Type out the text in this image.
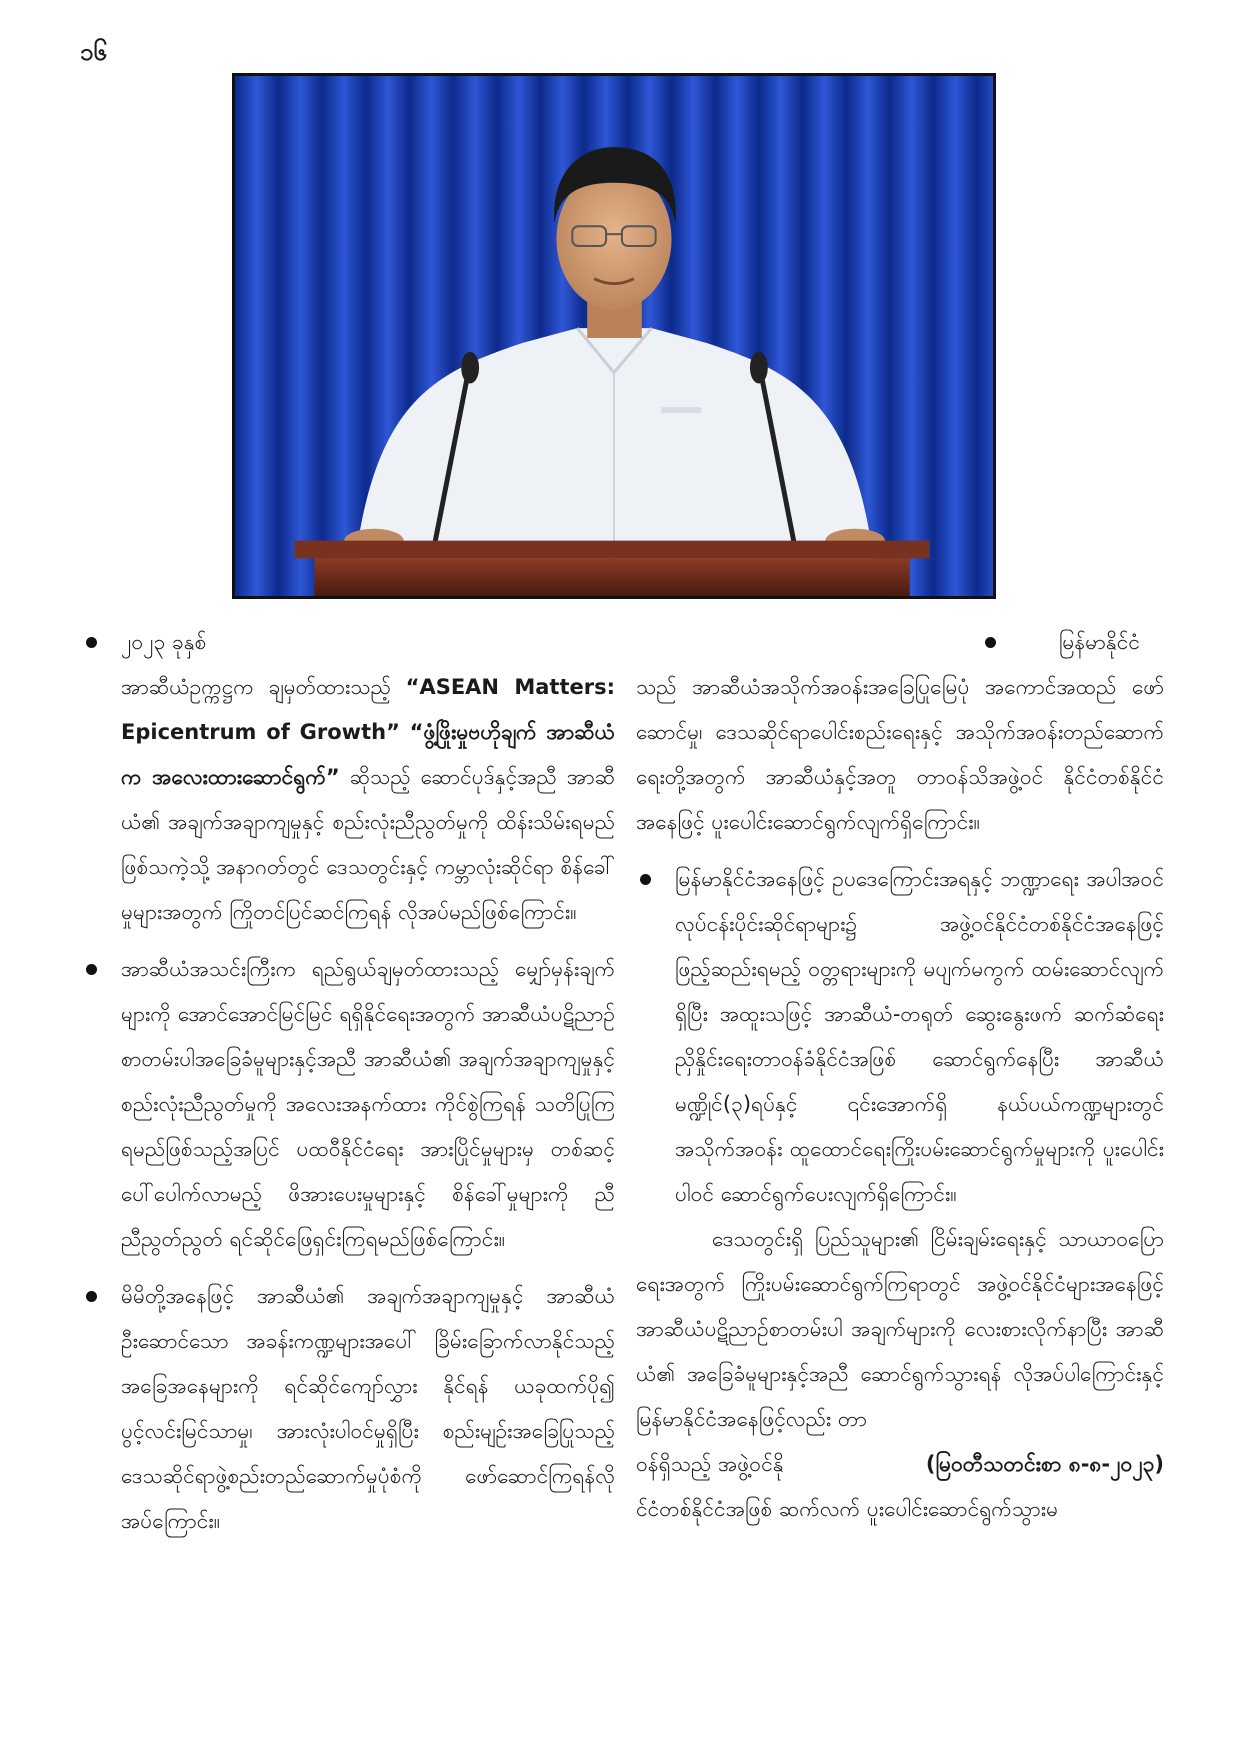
၁၆
၂၀၂၃ ခုနှစ်

အာဆီယံဥက္ကဋ္ဌက ချမှတ်ထားသည့် “ASEAN Matters: Epicentrum of Growth” “ဖွံ့ဖြိုးမှုဗဟိုချက် အာဆီယံက အလေးထားဆောင်ရွက်” ဆိုသည့် ဆောင်ပုဒ်နှင့်အညီ အာဆီယံ၏ အချက်အချာကျမှုနှင့် စည်းလုံးညီညွတ်မှုကို ထိန်းသိမ်းရမည်ဖြစ်သကဲ့သို့ အနာဂတ်တွင် ဒေသတွင်းနှင့် ကမ္ဘာလုံးဆိုင်ရာ စိန်ခေါ်မှုများအတွက် ကြိုတင်ပြင်ဆင်ကြရန် လိုအပ်မည်ဖြစ်ကြောင်း။

အာဆီယံအသင်းကြီးက ရည်ရွယ်ချမှတ်ထားသည့် မျှော်မှန်းချက်များကို အောင်အောင်မြင်မြင် ရရှိနိုင်ရေးအတွက် အာဆီယံပဋိညာဉ် စာတမ်းပါအခြေခံမူများနှင့်အညီ အာဆီယံ၏ အချက်အချာကျမှုနှင့် စည်းလုံးညီညွတ်မှုကို အလေးအနက်ထား ကိုင်စွဲကြရန် သတိပြုကြရမည်ဖြစ်သည့်အပြင် ပထဝီနိုင်ငံရေး အားပြိုင်မှုများမှ တစ်ဆင့် ပေါ်ပေါက်လာမည့် ဖိအားပေးမှုများနှင့် စိန်ခေါ်မှုများကို ညီညီညွတ်ညွတ် ရင်ဆိုင်ဖြေရှင်းကြရမည်ဖြစ်ကြောင်း။

မိမိတို့အနေဖြင့် အာဆီယံ၏ အချက်အချာကျမှုနှင့် အာဆီယံဦးဆောင်သော အခန်းကဏ္ဍများအပေါ် ခြိမ်းခြောက်လာနိုင်သည့် အခြေအနေများကို ရင်ဆိုင်ကျော်လွှား နိုင်ရန် ယခုထက်ပို၍ ပွင့်လင်းမြင်သာမှု၊ အားလုံးပါဝင်မှုရှိပြီး စည်းမျဉ်းအခြေပြုသည့် ဒေသဆိုင်ရာဖွဲ့စည်းတည်ဆောက်မှုပုံစံကို ဖော်ဆောင်ကြရန်လိုအပ်ကြောင်း။

မြန်မာနိုင်ငံ

သည် အာဆီယံအသိုက်အဝန်းအခြေပြုမြေပုံ အကောင်အထည် ဖော်ဆောင်မှု၊ ဒေသဆိုင်ရာပေါင်းစည်းရေးနှင့် အသိုက်အဝန်းတည်ဆောက်ရေးတို့အတွက် အာဆီယံနှင့်အတူ တာဝန်သိအဖွဲ့ဝင် နိုင်ငံတစ်နိုင်ငံအနေဖြင့် ပူးပေါင်းဆောင်ရွက်လျက်ရှိကြောင်း။

မြန်မာနိုင်ငံအနေဖြင့် ဥပဒေကြောင်းအရနှင့် ဘဏ္ဍာရေး အပါအဝင် လုပ်ငန်းပိုင်းဆိုင်ရာများ၌ အဖွဲ့ဝင်နိုင်ငံတစ်နိုင်ငံအနေဖြင့် ဖြည့်ဆည်းရမည့် ဝတ္တရားများကို မပျက်မကွက် ထမ်းဆောင်လျက်ရှိပြီး အထူးသဖြင့် အာဆီယံ-တရုတ် ဆွေးနွေးဖက် ဆက်ဆံရေးညှိနှိုင်းရေးတာဝန်ခံနိုင်ငံအဖြစ် ဆောင်ရွက်နေပြီး အာဆီယံမဏ္ဍိုင်(၃)ရပ်နှင့် ၎င်းအောက်ရှိ နယ်ပယ်ကဏ္ဍများတွင် အသိုက်အဝန်း ထူထောင်ရေးကြိုးပမ်းဆောင်ရွက်မှုများကို ပူးပေါင်းပါဝင် ဆောင်ရွက်ပေးလျက်ရှိကြောင်း။

ဒေသတွင်းရှိ ပြည်သူများ၏ ငြိမ်းချမ်းရေးနှင့် သာယာဝပြောရေးအတွက် ကြိုးပမ်းဆောင်ရွက်ကြရာတွင် အဖွဲ့ဝင်နိုင်ငံများအနေဖြင့် အာဆီယံပဋိညာဉ်စာတမ်းပါ အချက်များကို လေးစားလိုက်နာပြီး အာဆီယံ၏ အခြေခံမူများနှင့်အညီ ဆောင်ရွက်သွားရန် လိုအပ်ပါကြောင်းနှင့် မြန်မာနိုင်ငံအနေဖြင့်လည်း တာ

ဝန်ရှိသည့် အဖွဲ့ဝင်နို	(မြဝတီသတင်းစာ ၈-၈-၂၀၂၃)

င်ငံတစ်နိုင်ငံအဖြစ် ဆက်လက် ပူးပေါင်းဆောင်ရွက်သွားမ
